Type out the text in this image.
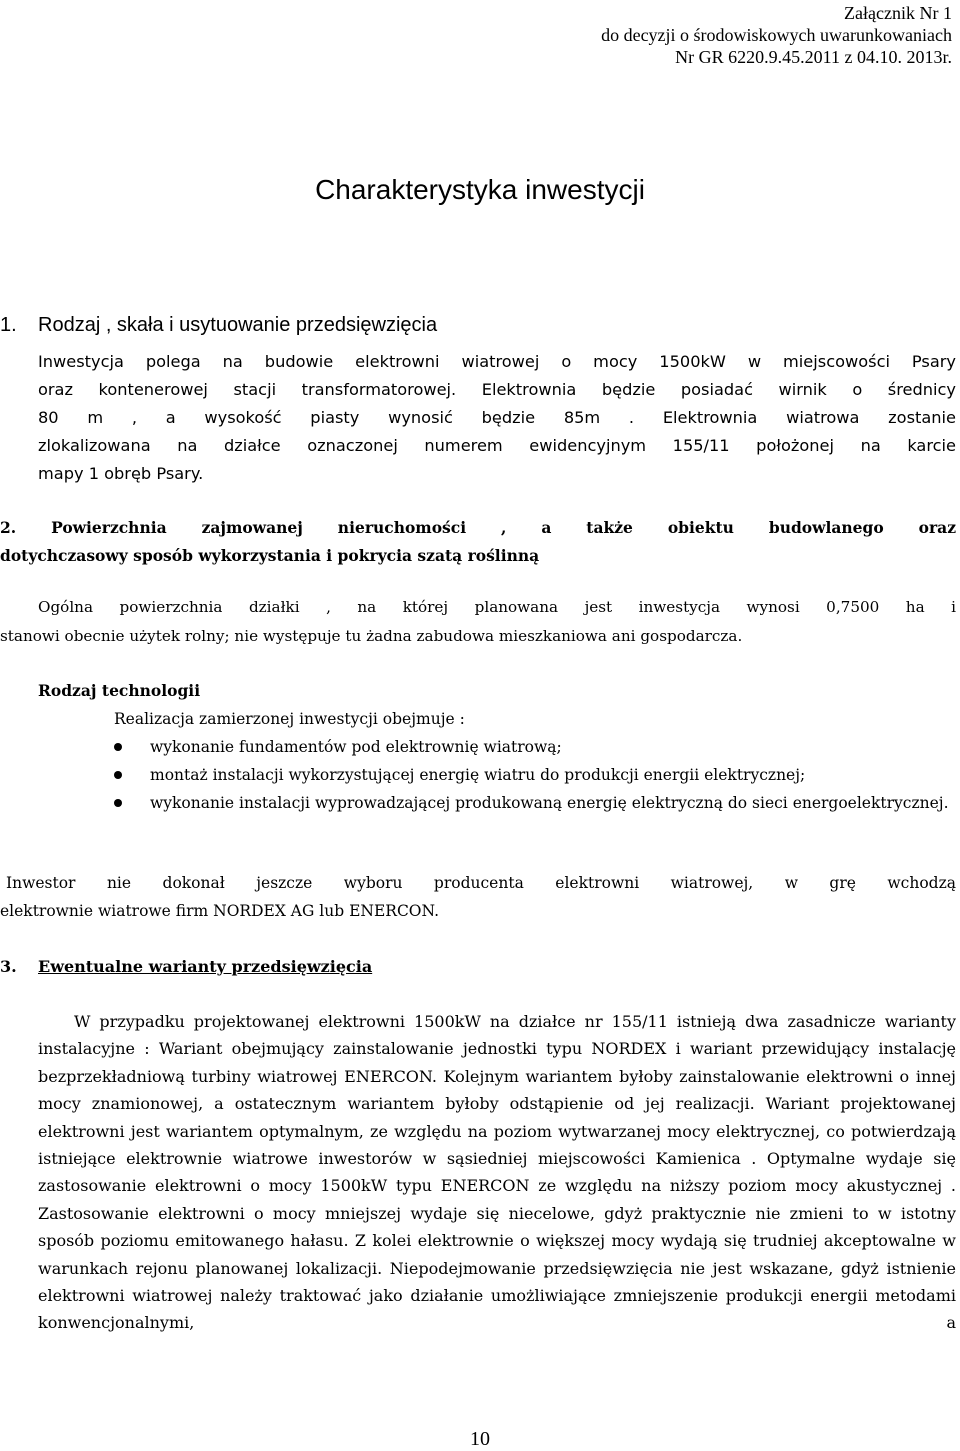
Załącznik Nr 1
do decyzji o środowiskowych uwarunkowaniach
Nr GR 6220.9.45.2011 z 04.10. 2013r.
Charakterystyka inwestycji
1. Rodzaj , skała i usytuowanie przedsięwzięcia
Inwestycja polega na budowie elektrowni wiatrowej o mocy 1500kW w miejscowości Psary
oraz kontenerowej stacji transformatorowej. Elektrownia będzie posiadać wirnik o średnicy
80 m , a wysokość piasty wynosić będzie 85m . Elektrownia wiatrowa zostanie
zlokalizowana na działce oznaczonej numerem ewidencyjnym 155/11 położonej na karcie
mapy 1 obręb Psary.
2. Powierzchnia zajmowanej nieruchomości , a także obiektu budowlanego oraz
dotychczasowy sposób wykorzystania i pokrycia szatą roślinną
Ogólna powierzchnia działki , na której planowana jest inwestycja wynosi 0,7500 ha i
stanowi obecnie użytek rolny; nie występuje tu żadna zabudowa mieszkaniowa ani gospodarcza.
Rodzaj technologii
Realizacja zamierzonej inwestycji obejmuje :
wykonanie fundamentów pod elektrownię wiatrową;
montaż instalacji wykorzystującej energię wiatru do produkcji energii elektrycznej;
wykonanie instalacji wyprowadzającej produkowaną energię elektryczną do sieci energoelektrycznej.
Inwestor nie dokonał jeszcze wyboru producenta elektrowni wiatrowej, w grę wchodzą
elektrownie wiatrowe firm NORDEX AG lub ENERCON.
3. Ewentualne warianty przedsięwzięcia
W przypadku projektowanej elektrowni 1500kW na działce nr 155/11 istnieją dwa zasadnicze warianty instalacyjne : Wariant obejmujący zainstalowanie jednostki typu NORDEX i wariant przewidujący instalację bezprzekładniową turbiny wiatrowej ENERCON. Kolejnym wariantem byłoby zainstalowanie elektrowni o innej mocy znamionowej, a ostatecznym wariantem byłoby odstąpienie od jej realizacji. Wariant projektowanej elektrowni jest wariantem optymalnym, ze względu na poziom wytwarzanej mocy elektrycznej, co potwierdzają istniejące elektrownie wiatrowe inwestorów w sąsiedniej miejscowości Kamienica . Optymalne wydaje się zastosowanie elektrowni o mocy 1500kW typu ENERCON ze względu na niższy poziom mocy akustycznej . Zastosowanie elektrowni o mocy mniejszej wydaje się niecelowe, gdyż praktycznie nie zmieni to w istotny sposób poziomu emitowanego hałasu. Z kolei elektrownie o większej mocy wydają się trudniej akceptowalne w warunkach rejonu planowanej lokalizacji. Niepodejmowanie przedsięwzięcia nie jest wskazane, gdyż istnienie elektrowni wiatrowej należy traktować jako działanie umożliwiające zmniejszenie produkcji energii metodami konwencjonalnymi, a
10
